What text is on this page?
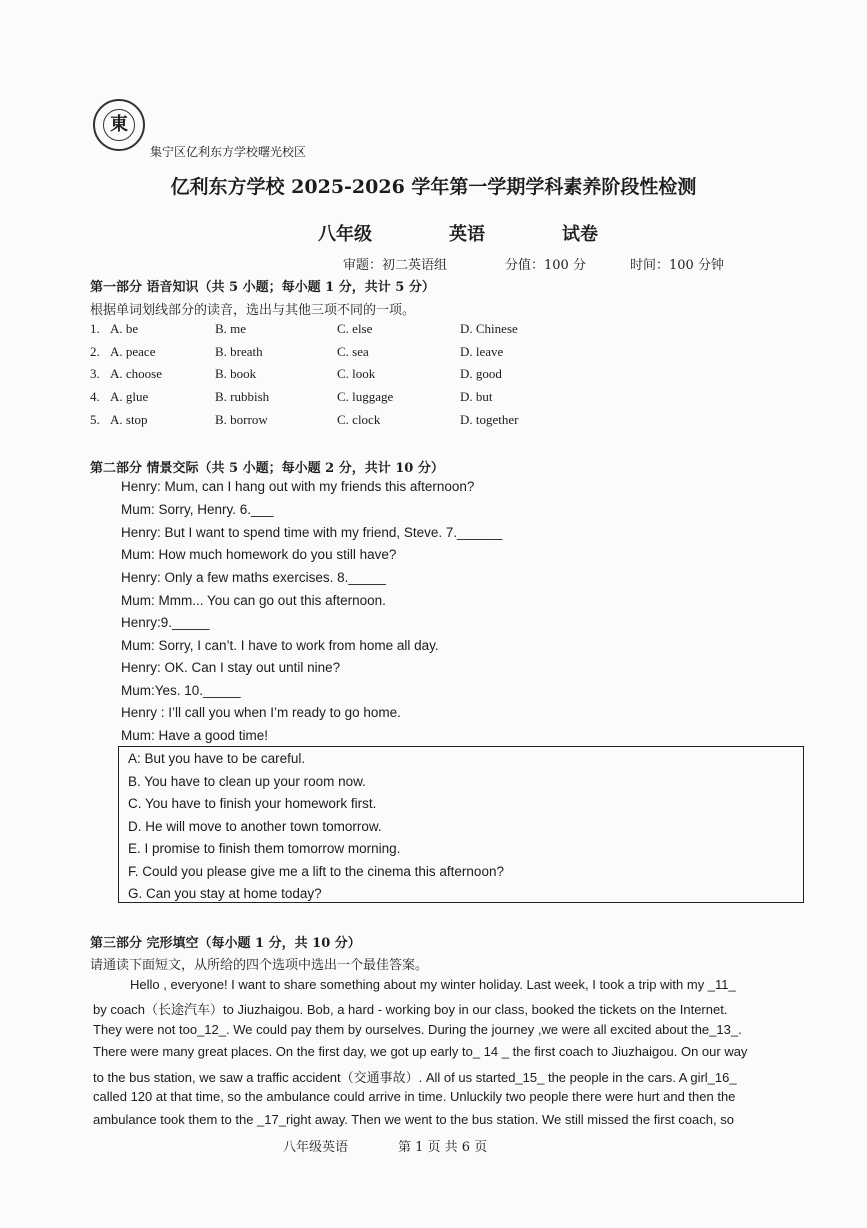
東
集宁区亿利东方学校曙光校区
亿利东方学校 2025-2026 学年第一学期学科素养阶段性检测
八年级	英语	试卷
审题：初二英语组	分值：100 分	时间：100 分钟
第一部分 语音知识（共 5 小题；每小题 1 分，共计 5 分）
根据单词划线部分的读音，选出与其他三项不同的一项。
1. A. be	B. me	C. else	D. Chinese
2. A. peace	B. breath	C. sea	D. leave
3. A. choose	B. book	C. look	D. good
4. A. glue	B. rubbish	C. luggage	D. but
5. A. stop	B. borrow	C. clock	D. together
第二部分 情景交际（共 5 小题；每小题 2 分，共计 10 分）
Henry: Mum, can I hang out with my friends this afternoon?
Mum: Sorry, Henry. 6.___
Henry: But I want to spend time with my friend, Steve. 7.______
Mum: How much homework do you still have?
Henry: Only a few maths exercises. 8._____
Mum: Mmm... You can go out this afternoon.
Henry:9._____
Mum: Sorry, I can’t. I have to work from home all day.
Henry: OK. Can I stay out until nine?
Mum:Yes. 10._____
Henry : I’ll call you when I’m ready to go home.
Mum: Have a good time!
A: But you have to be careful.
B. You have to clean up your room now.
C. You have to finish your homework first.
D. He will move to another town tomorrow.
E. I promise to finish them tomorrow morning.
F. Could you please give me a lift to the cinema this afternoon?
G. Can you stay at home today?
第三部分 完形填空（每小题 1 分，共 10 分）
请通读下面短文，从所给的四个选项中选出一个最佳答案。
Hello , everyone! I want to share something about my winter holiday. Last week, I took a trip with my _11_
by coach（长途汽车）to Jiuzhaigou. Bob, a hard - working boy in our class, booked the tickets on the Internet.
They were not too_12_. We could pay them by ourselves. During the journey ,we were all excited about the_13_.
There were many great places. On the first day, we got up early to_ 14 _ the first coach to Jiuzhaigou. On our way
to the bus station, we saw a traffic accident（交通事故）. All of us started_15_ the people in the cars. A girl_16_
called 120 at that time, so the ambulance could arrive in time. Unluckily two people there were hurt and then the
ambulance took them to the _17_right away. Then we went to the bus station. We still missed the first coach, so
八年级英语	第 1 页 共 6 页
